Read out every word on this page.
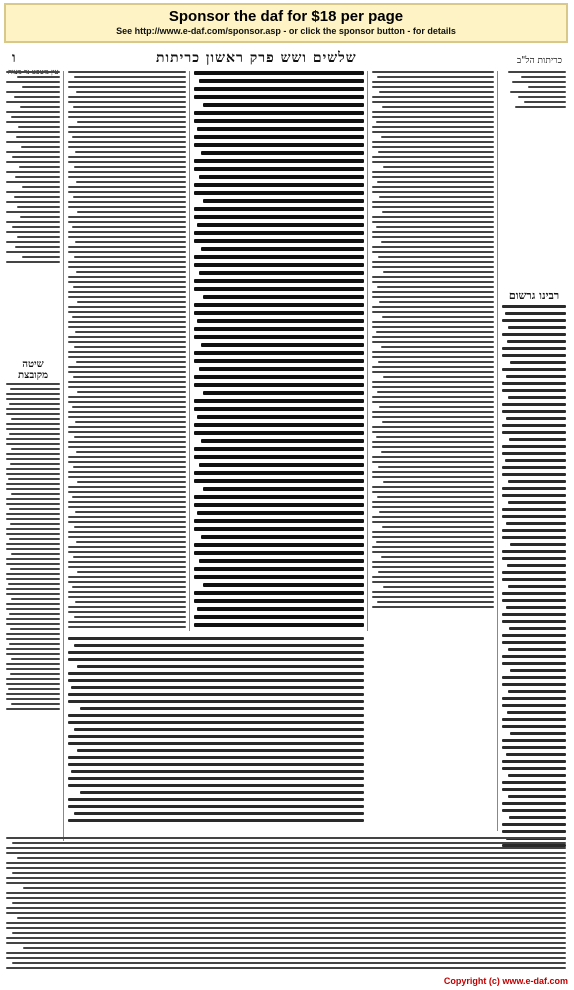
Sponsor the daf for $18 per page
See http://www.e-daf.com/sponsor.asp - or click the sponsor button - for details
כריתות הל"ב
שלשים ושש פרק ראשון כריתות
ו
רבינו גרשום
שיטה מקובצת
Copyright (c) www.e-daf.com
